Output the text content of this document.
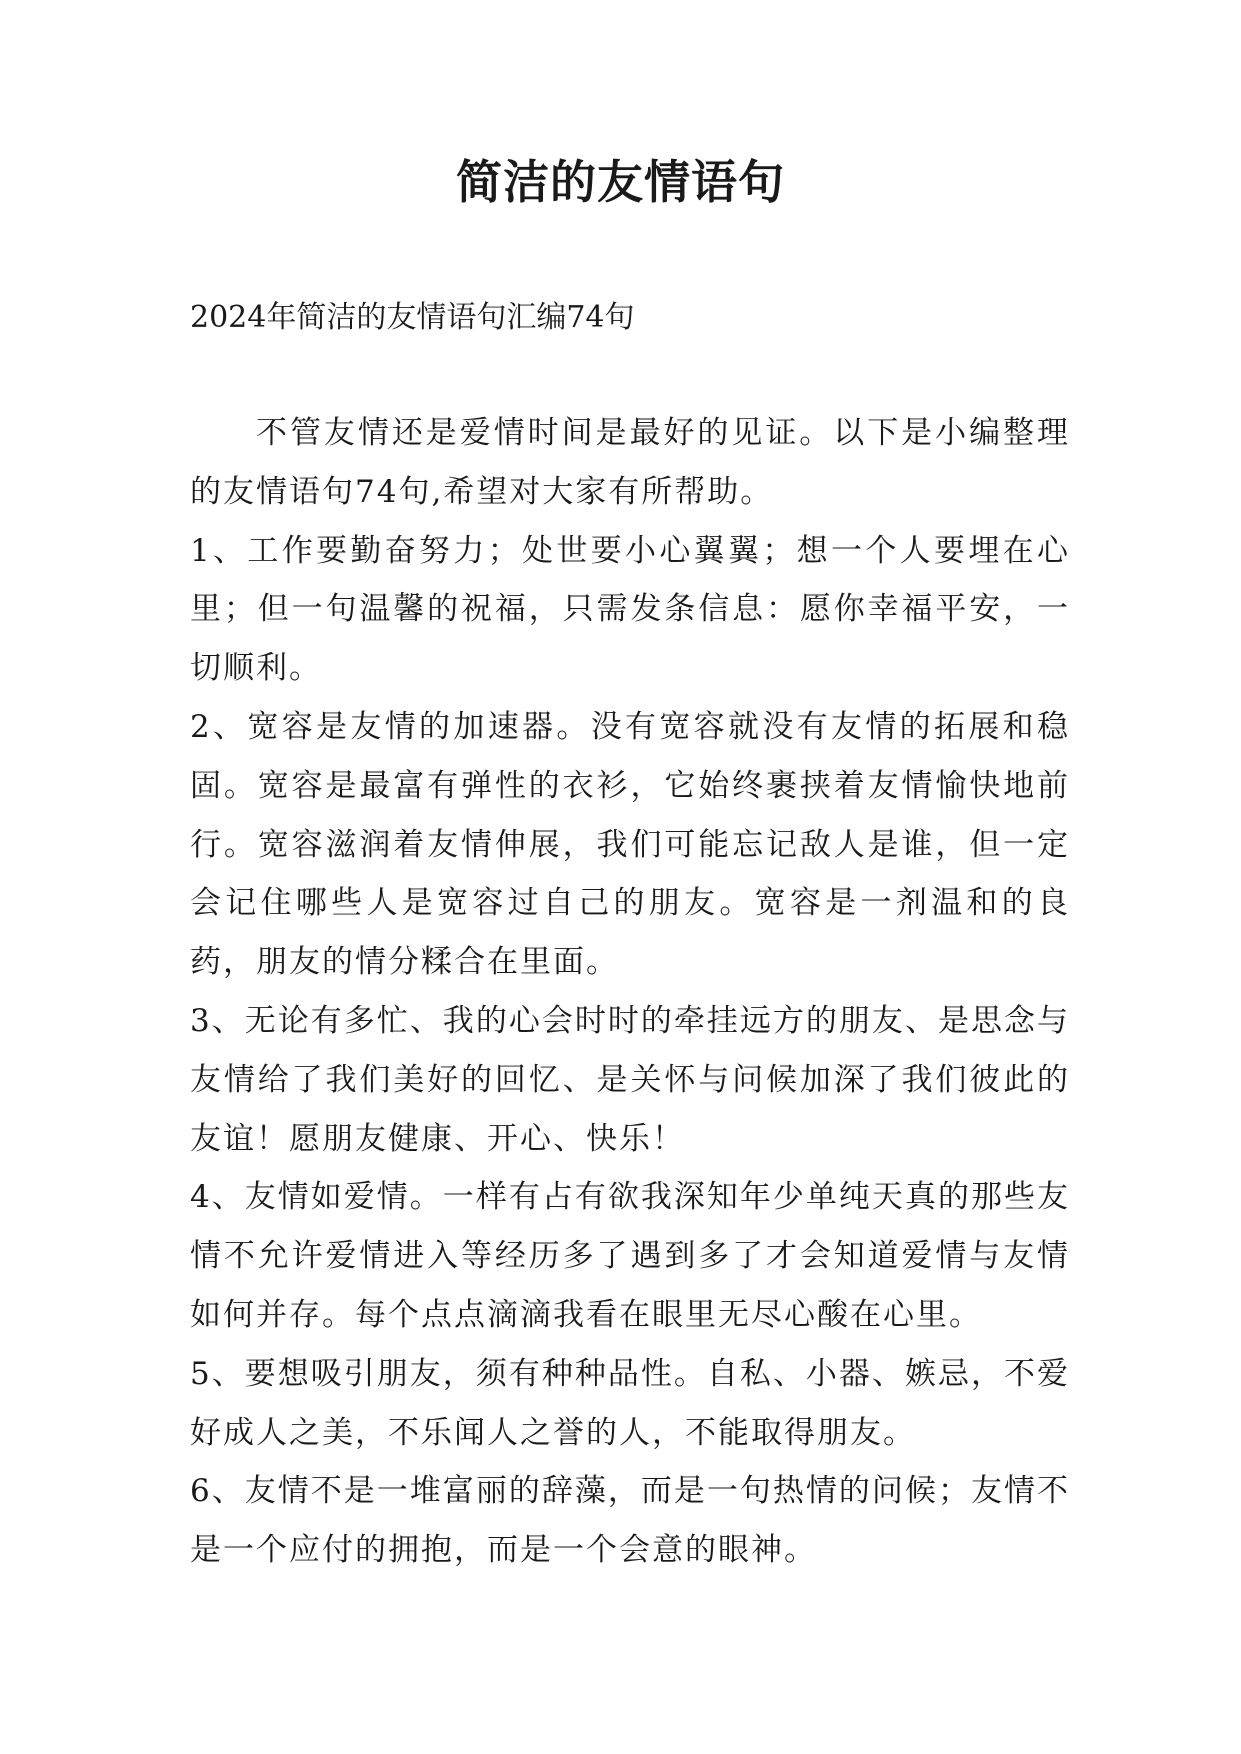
简洁的友情语句

2024年简洁的友情语句汇编74句

不管友情还是爱情时间是最好的见证。以下是小编整理的友情语句74句,希望对大家有所帮助。

1、工作要勤奋努力；处世要小心翼翼；想一个人要埋在心里；但一句温馨的祝福，只需发条信息：愿你幸福平安，一切顺利。

2、宽容是友情的加速器。没有宽容就没有友情的拓展和稳固。宽容是最富有弹性的衣衫，它始终裹挟着友情愉快地前行。宽容滋润着友情伸展，我们可能忘记敌人是谁，但一定会记住哪些人是宽容过自己的朋友。宽容是一剂温和的良药，朋友的情分糅合在里面。

3、无论有多忙、我的心会时时的牵挂远方的朋友、是思念与友情给了我们美好的回忆、是关怀与问候加深了我们彼此的友谊！愿朋友健康、开心、快乐！

4、友情如爱情。一样有占有欲我深知年少单纯天真的那些友情不允许爱情进入等经历多了遇到多了才会知道爱情与友情如何并存。每个点点滴滴我看在眼里无尽心酸在心里。

5、要想吸引朋友，须有种种品性。自私、小器、嫉忌，不爱好成人之美，不乐闻人之誉的人，不能取得朋友。

6、友情不是一堆富丽的辞藻，而是一句热情的问候；友情不是一个应付的拥抱，而是一个会意的眼神。
